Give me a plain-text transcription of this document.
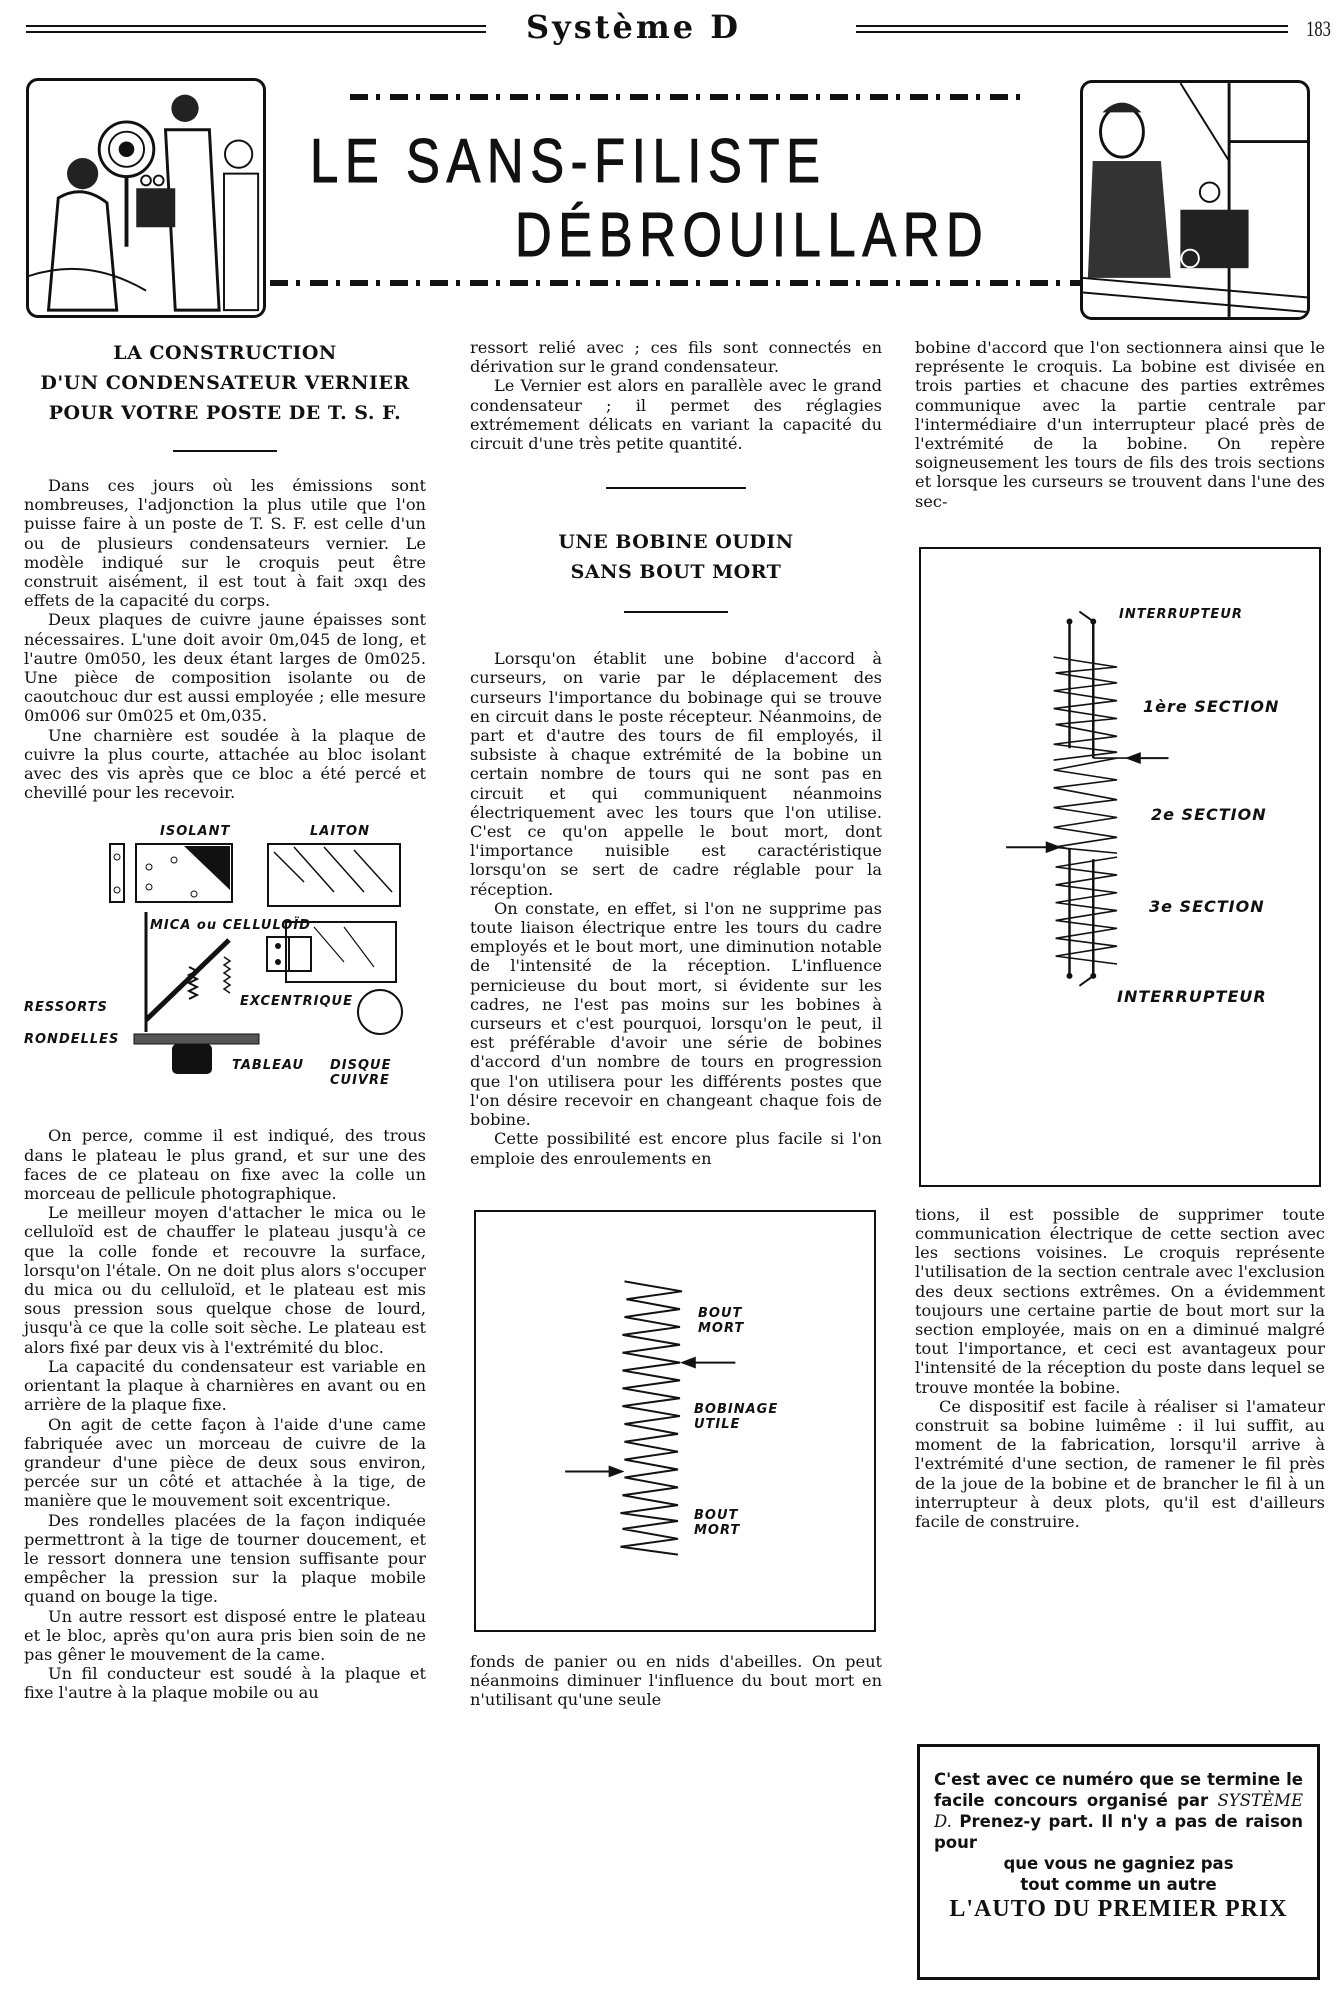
Système D	183
LE SANS-FILISTE
DÉBROUILLARD
LA CONSTRUCTION
D'UN CONDENSATEUR VERNIER
POUR VOTRE POSTE DE T. S. F.

Dans ces jours où les émissions sont nombreuses, l'adjonction la plus utile que l'on puisse faire à un poste de T. S. F. est celle d'un ou de plusieurs condensateurs vernier. Le modèle indiqué sur le croquis peut être construit aisément, il est tout à fait ɔxqı des effets de la capacité du corps.

Deux plaques de cuivre jaune épaisses sont nécessaires. L'une doit avoir 0m,045 de long, et l'autre 0m050, les deux étant larges de 0m025. Une pièce de composition isolante ou de caoutchouc dur est aussi employée ; elle mesure 0m006 sur 0m025 et 0m,035.

Une charnière est soudée à la plaque de cuivre la plus courte, attachée au bloc isolant avec des vis après que ce bloc a été percé et chevillé pour les recevoir.

ISOLANT	LAITON
MICA ou CELLULOÏD
RESSORTS	EXCENTRIQUE
RONDELLES
TABLEAU DISQUE CUIVRE

On perce, comme il est indiqué, des trous dans le plateau le plus grand, et sur une des faces de ce plateau on fixe avec la colle un morceau de pellicule photographique.

Le meilleur moyen d'attacher le mica ou le celluloïd est de chauffer le plateau jusqu'à ce que la colle fonde et recouvre la surface, lorsqu'on l'étale. On ne doit plus alors s'occuper du mica ou du celluloïd, et le plateau est mis sous pression sous quelque chose de lourd, jusqu'à ce que la colle soit sèche. Le plateau est alors fixé par deux vis à l'extrémité du bloc.

La capacité du condensateur est variable en orientant la plaque à charnières en avant ou en arrière de la plaque fixe.

On agit de cette façon à l'aide d'une came fabriquée avec un morceau de cuivre de la grandeur d'une pièce de deux sous environ, percée sur un côté et attachée à la tige, de manière que le mouvement soit excentrique.

Des rondelles placées de la façon indiquée permettront à la tige de tourner doucement, et le ressort donnera une tension suffisante pour empêcher la pression sur la plaque mobile quand on bouge la tige.

Un autre ressort est disposé entre le plateau et le bloc, après qu'on aura pris bien soin de ne pas gêner le mouvement de la came.

Un fil conducteur est soudé à la plaque et fixe l'autre à la plaque mobile ou au

ressort relié avec ; ces fils sont connectés en dérivation sur le grand condensateur.

Le Vernier est alors en parallèle avec le grand condensateur ; il permet des réglagies extrémement délicats en variant la capacité du circuit d'une très petite quantité.

UNE BOBINE OUDIN
SANS BOUT MORT

Lorsqu'on établit une bobine d'accord à curseurs, on varie par le déplacement des curseurs l'importance du bobinage qui se trouve en circuit dans le poste récepteur. Néanmoins, de part et d'autre des tours de fil employés, il subsiste à chaque extrémité de la bobine un certain nombre de tours qui ne sont pas en circuit et qui communiquent néanmoins électriquement avec les tours que l'on utilise. C'est ce qu'on appelle le bout mort, dont l'importance nuisible est caractéristique lorsqu'on se sert de cadre réglable pour la réception.

On constate, en effet, si l'on ne supprime pas toute liaison électrique entre les tours du cadre employés et le bout mort, une diminution notable de l'intensité de la réception. L'influence pernicieuse du bout mort, si évidente sur les cadres, ne l'est pas moins sur les bobines à curseurs et c'est pourquoi, lorsqu'on le peut, il est préférable d'avoir une série de bobines d'accord d'un nombre de tours en progression que l'on utilisera pour les différents postes que l'on désire recevoir en changeant chaque fois de bobine.

Cette possibilité est encore plus facile si l'on emploie des enroulements en

BOUT MORT
BOBINAGE UTILE
BOUT MORT

fonds de panier ou en nids d'abeilles. On peut néanmoins diminuer l'influence du bout mort en n'utilisant qu'une seule

bobine d'accord que l'on sectionnera ainsi que le représente le croquis. La bobine est divisée en trois parties et chacune des parties extrêmes communique avec la partie centrale par l'intermédiaire d'un interrupteur placé près de l'extrémité de la bobine. On repère soigneusement les tours de fils des trois sections et lorsque les curseurs se trouvent dans l'une des sec-

INTERRUPTEUR
1ère SECTION
2e SECTION
3e SECTION
INTERRUPTEUR

tions, il est possible de supprimer toute communication électrique de cette section avec les sections voisines. Le croquis représente l'utilisation de la section centrale avec l'exclusion des deux sections extrêmes. On a évidemment toujours une certaine partie de bout mort sur la section employée, mais on en a diminué malgré tout l'importance, et ceci est avantageux pour l'intensité de la réception du poste dans lequel se trouve montée la bobine.

Ce dispositif est facile à réaliser si l'amateur construit sa bobine luimême : il lui suffit, au moment de la fabrication, lorsqu'il arrive à l'extrémité d'une section, de ramener le fil près de la joue de la bobine et de brancher le fil à un interrupteur à deux plots, qu'il est d'ailleurs facile de construire.

C'est avec ce numéro que se termine le facile concours organisé par SYSTÈME D. Prenez-y part. Il n'y a pas de raison pour
que vous ne gagniez pas
tout comme un autre
L'AUTO DU PREMIER PRIX
